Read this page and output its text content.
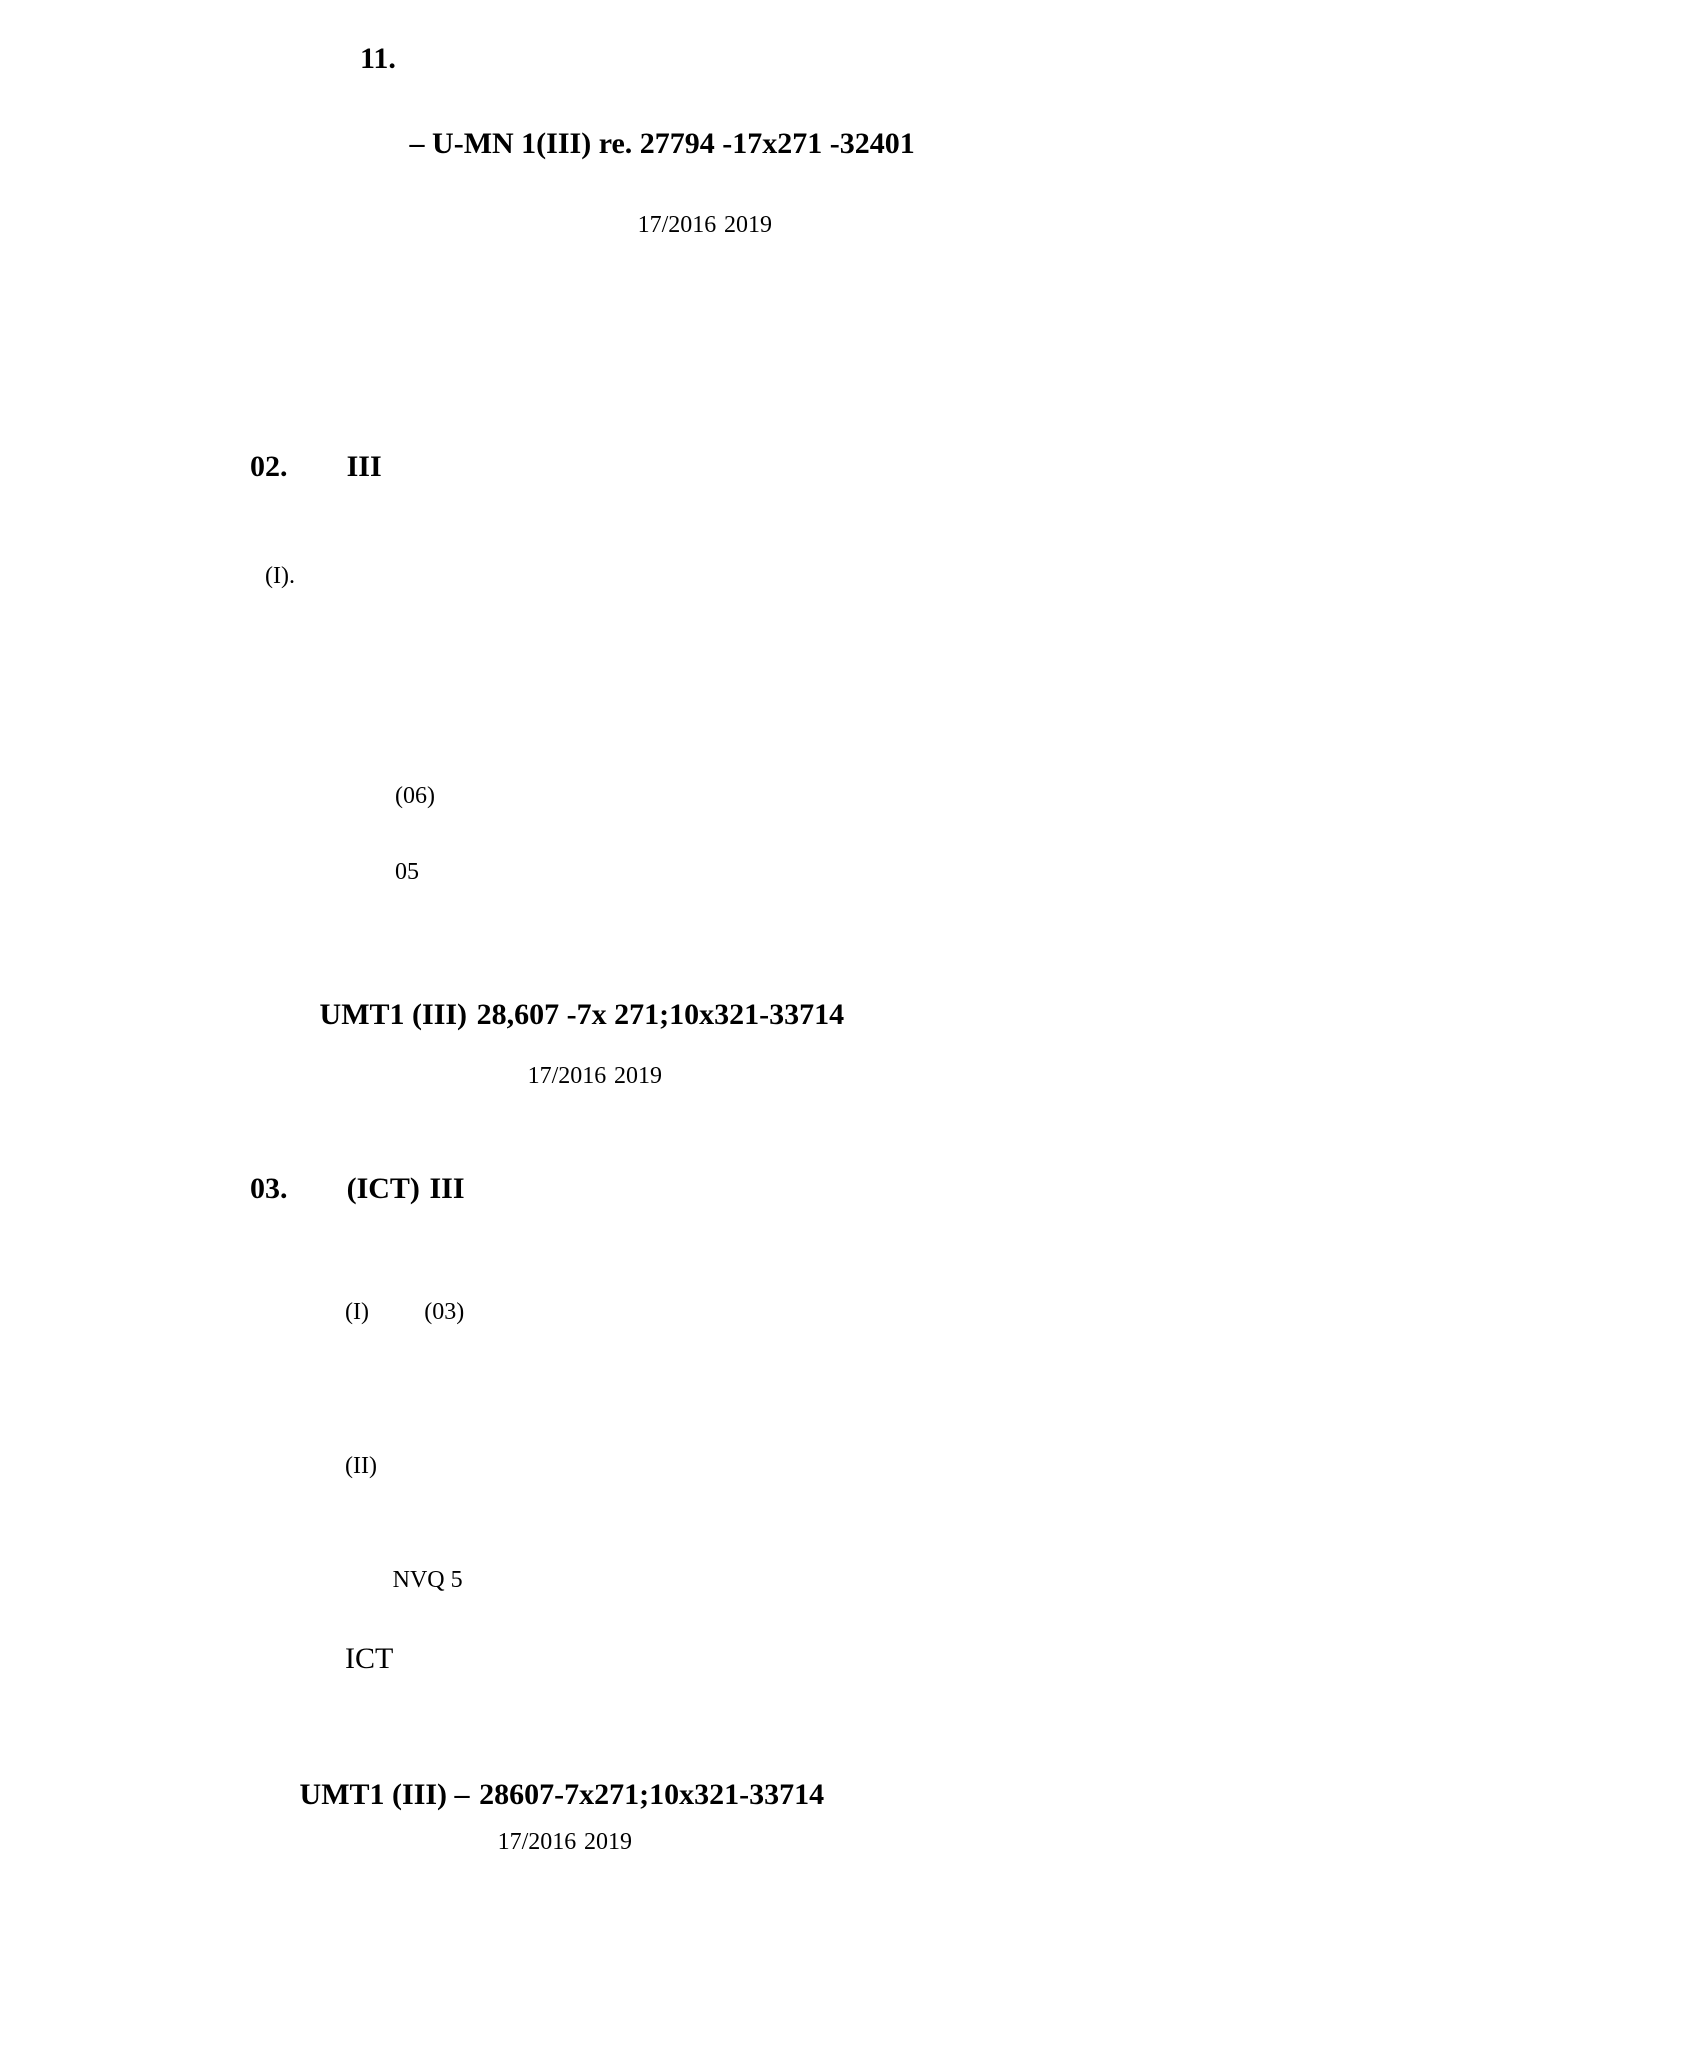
11.
– U-MN 1(III) re. 27794 -17x271 -32401
17/2016 2019

02. III
(I).

(06)
05

UMT1 (III) 28,607 -7x 271;10x321-33714
17/2016 2019
03. (ICT) III
(I) (03)
(II)
NVQ 5
ICT
UMT1 (III) – 28607-7x271;10x321-33714
17/2016 2019
